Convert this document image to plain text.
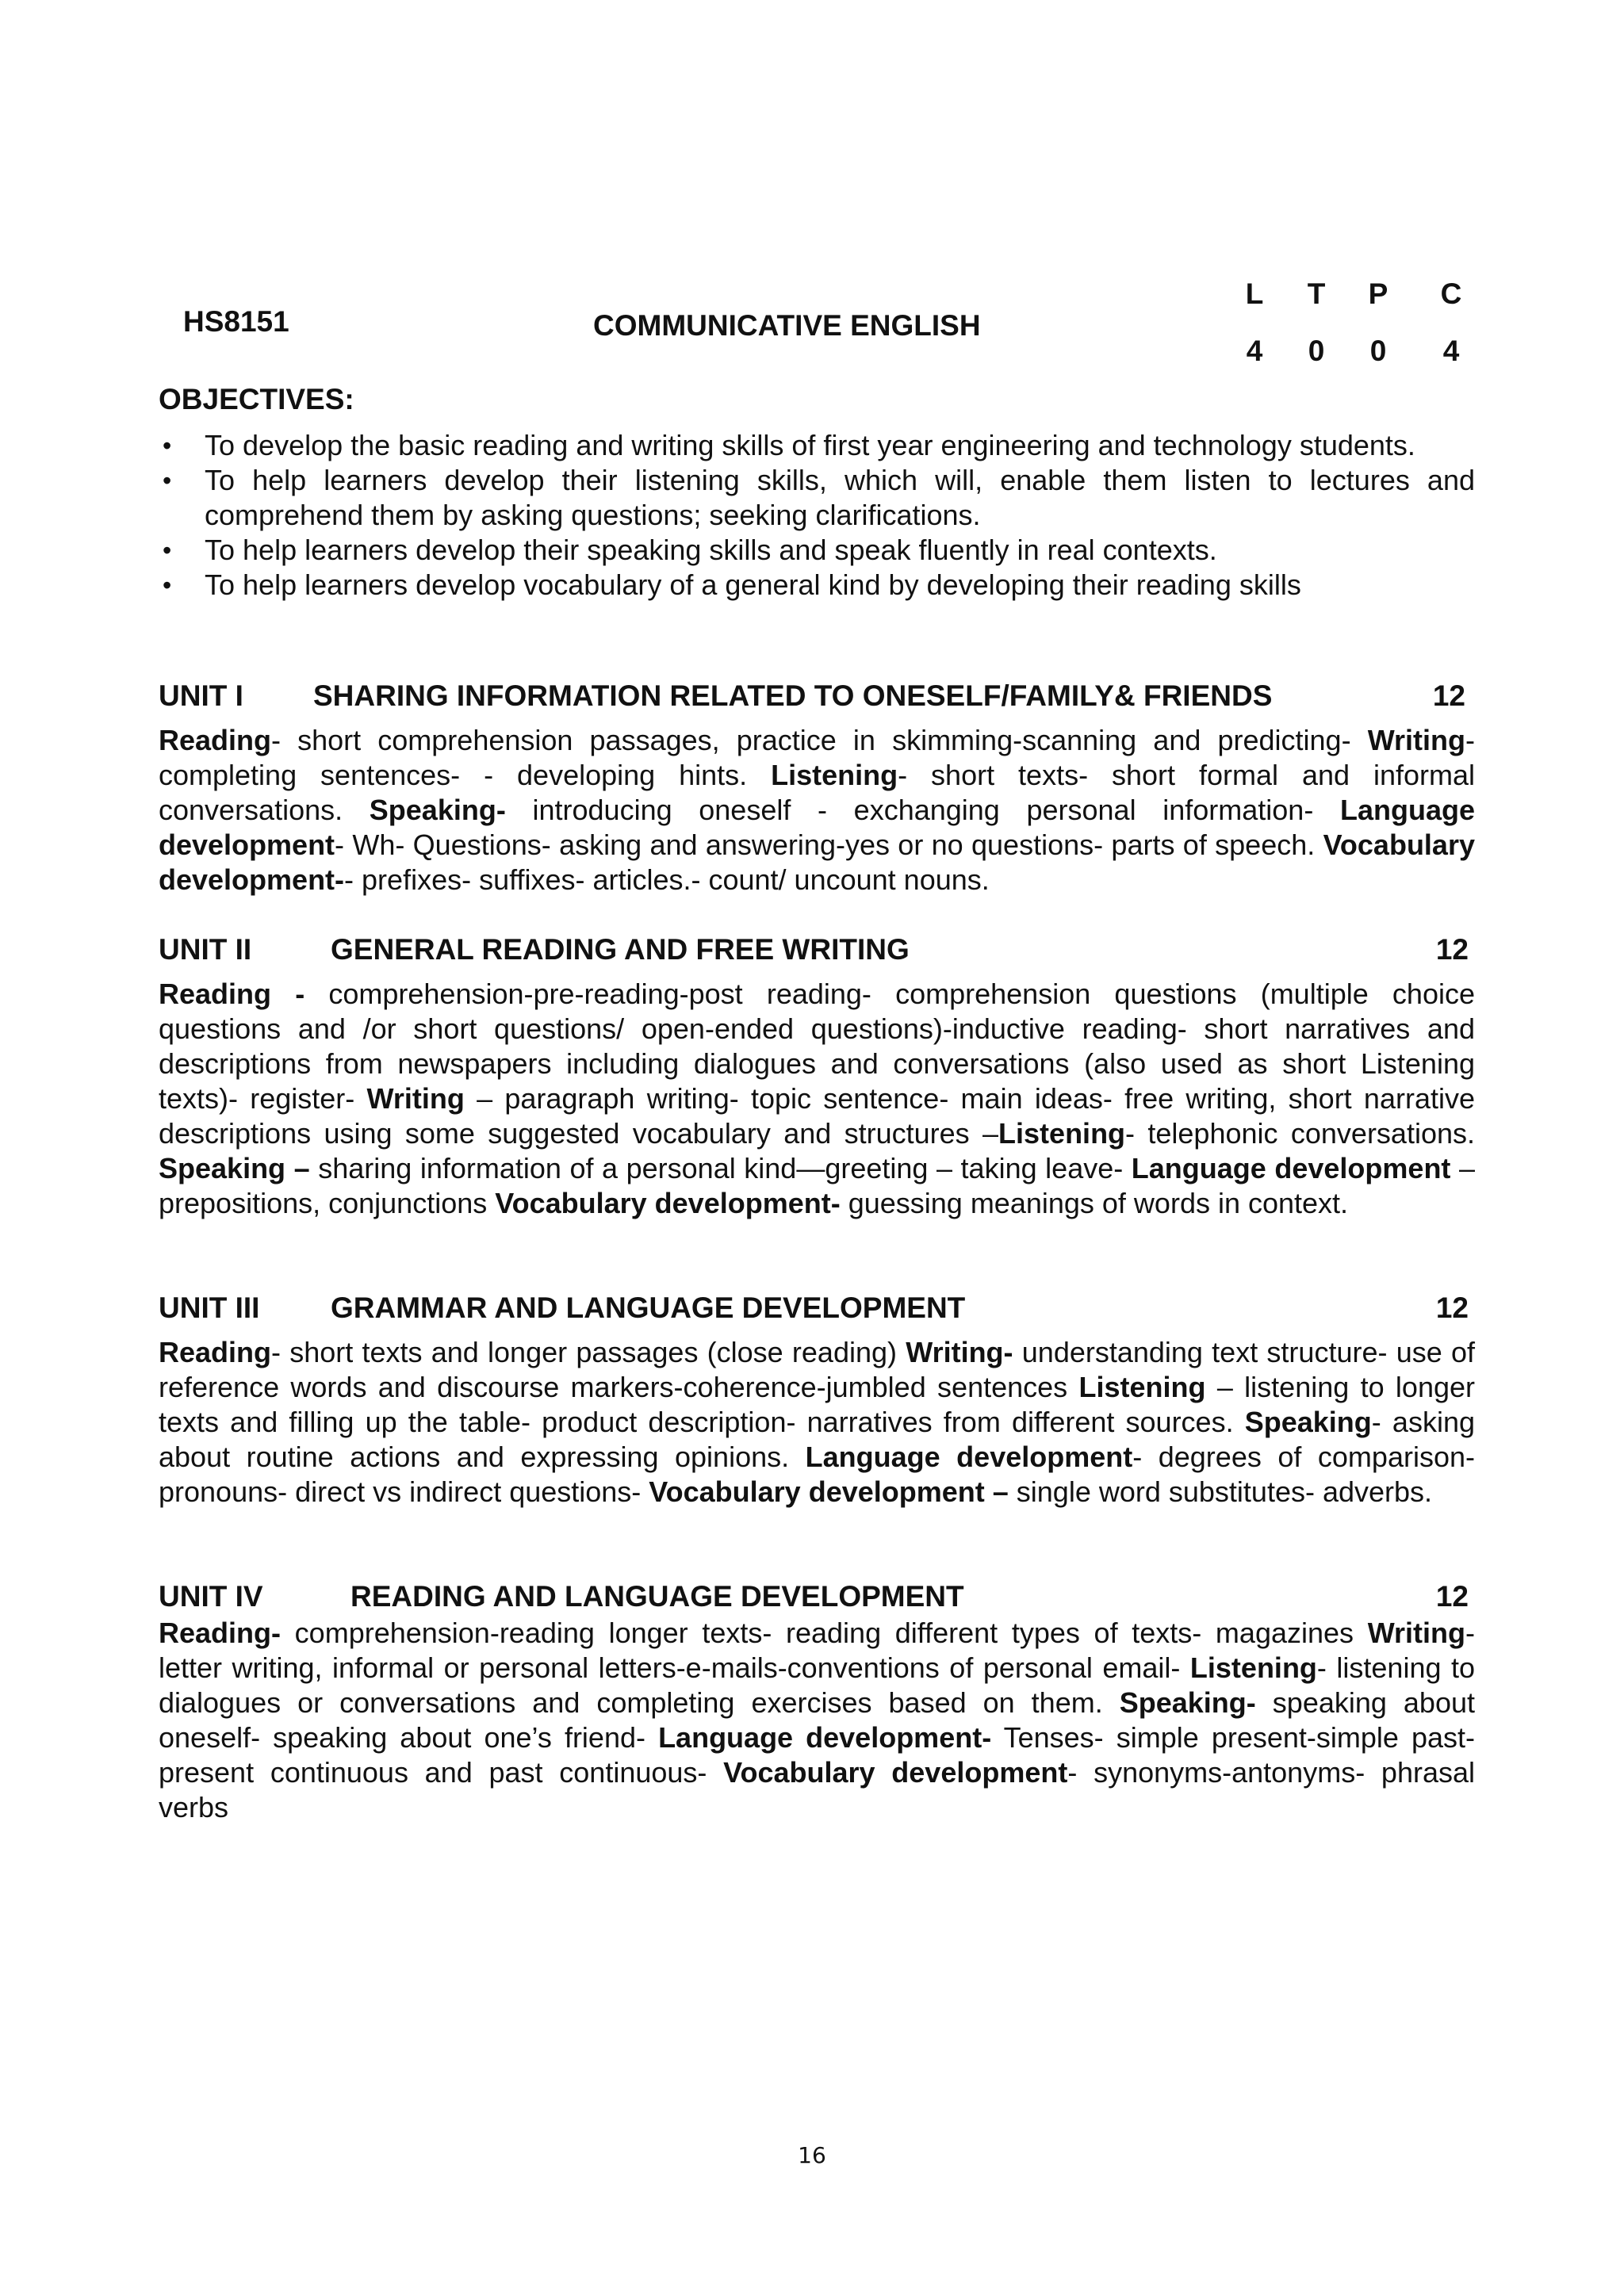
HS8151	COMMUNICATIVE ENGLISH
L	T	P	C
4	0	0	4
OBJECTIVES:
• To develop the basic reading and writing skills of first year engineering and technology students.
• To help learners develop their listening skills, which will, enable them listen to lectures and comprehend them by asking questions; seeking clarifications.
• To help learners develop their speaking skills and speak fluently in real contexts.
• To help learners develop vocabulary of a general kind by developing their reading skills
UNIT I SHARING INFORMATION RELATED TO ONESELF/FAMILY& FRIENDS	12

Reading- short comprehension passages, practice in skimming-scanning and predicting- Writing- completing sentences- - developing hints. Listening- short texts- short formal and informal conversations. Speaking- introducing oneself - exchanging personal information- Language development- Wh- Questions- asking and answering-yes or no questions- parts of speech. Vocabulary development-- prefixes- suffixes- articles.- count/ uncount nouns.

UNIT II	GENERAL READING AND FREE WRITING	12

Reading - comprehension-pre-reading-post reading- comprehension questions (multiple choice questions and /or short questions/ open-ended questions)-inductive reading- short narratives and descriptions from newspapers including dialogues and conversations (also used as short Listening texts)- register- Writing – paragraph writing- topic sentence- main ideas- free writing, short narrative descriptions using some suggested vocabulary and structures –Listening- telephonic conversations. Speaking – sharing information of a personal kind—greeting – taking leave- Language development – prepositions, conjunctions Vocabulary development- guessing meanings of words in context.

UNIT III GRAMMAR AND LANGUAGE DEVELOPMENT	12

Reading- short texts and longer passages (close reading) Writing- understanding text structure- use of reference words and discourse markers-coherence-jumbled sentences Listening – listening to longer texts and filling up the table- product description- narratives from different sources. Speaking- asking about routine actions and expressing opinions. Language development- degrees of comparison- pronouns- direct vs indirect questions- Vocabulary development – single word substitutes- adverbs.

UNIT IV	READING AND LANGUAGE DEVELOPMENT	12

Reading- comprehension-reading longer texts- reading different types of texts- magazines Writing- letter writing, informal or personal letters-e-mails-conventions of personal email- Listening- listening to dialogues or conversations and completing exercises based on them. Speaking- speaking about oneself- speaking about one’s friend- Language development- Tenses- simple present-simple past- present continuous and past continuous- Vocabulary development- synonyms-antonyms- phrasal verbs

16
